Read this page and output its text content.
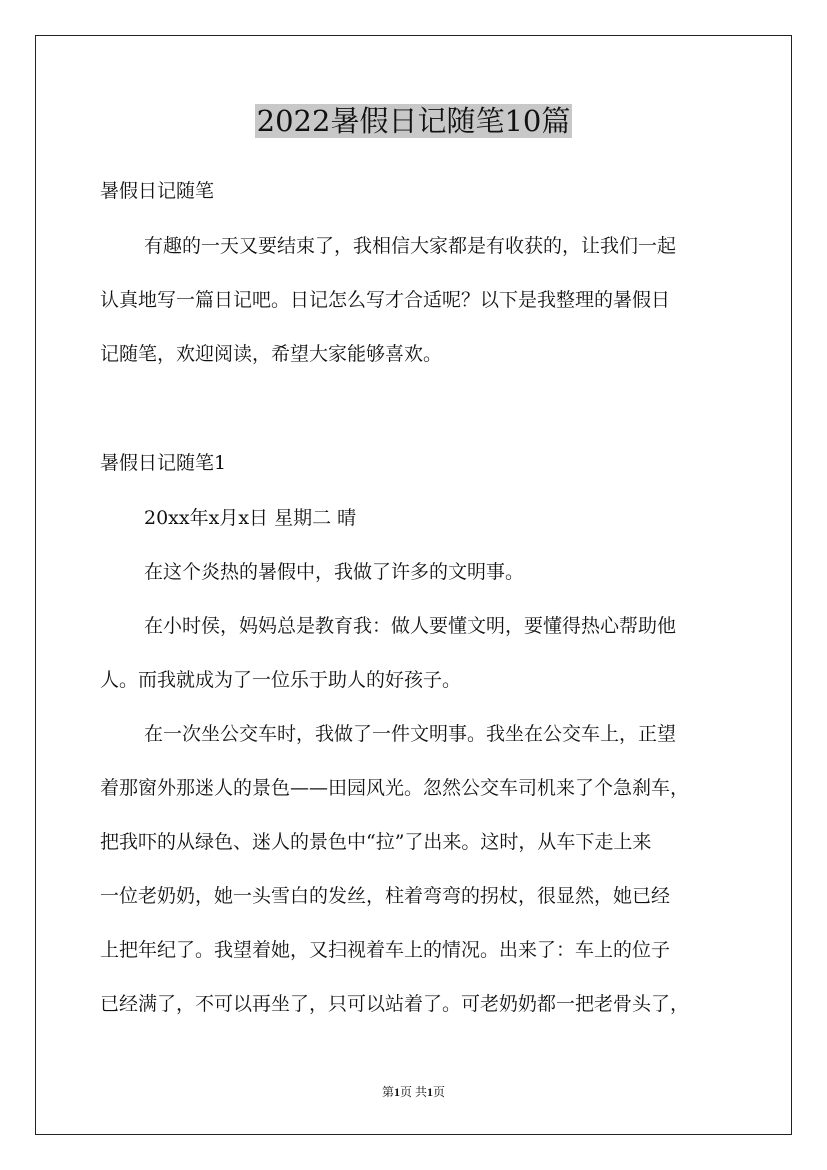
2022暑假日记随笔10篇
暑假日记随笔
有趣的一天又要结束了，我相信大家都是有收获的，让我们一起
认真地写一篇日记吧。日记怎么写才合适呢？以下是我整理的暑假日
记随笔，欢迎阅读，希望大家能够喜欢。
暑假日记随笔1
20xx年x月x日 星期二 晴
在这个炎热的暑假中，我做了许多的文明事。
在小时侯，妈妈总是教育我：做人要懂文明，要懂得热心帮助他
人。而我就成为了一位乐于助人的好孩子。
在一次坐公交车时，我做了一件文明事。我坐在公交车上，正望
着那窗外那迷人的景色——田园风光。忽然公交车司机来了个急刹车，
把我吓的从绿色、迷人的景色中“拉”了出来。这时，从车下走上来
一位老奶奶，她一头雪白的发丝，柱着弯弯的拐杖，很显然，她已经
上把年纪了。我望着她，又扫视着车上的情况。出来了：车上的位子
已经满了，不可以再坐了，只可以站着了。可老奶奶都一把老骨头了，
第1页 共1页
